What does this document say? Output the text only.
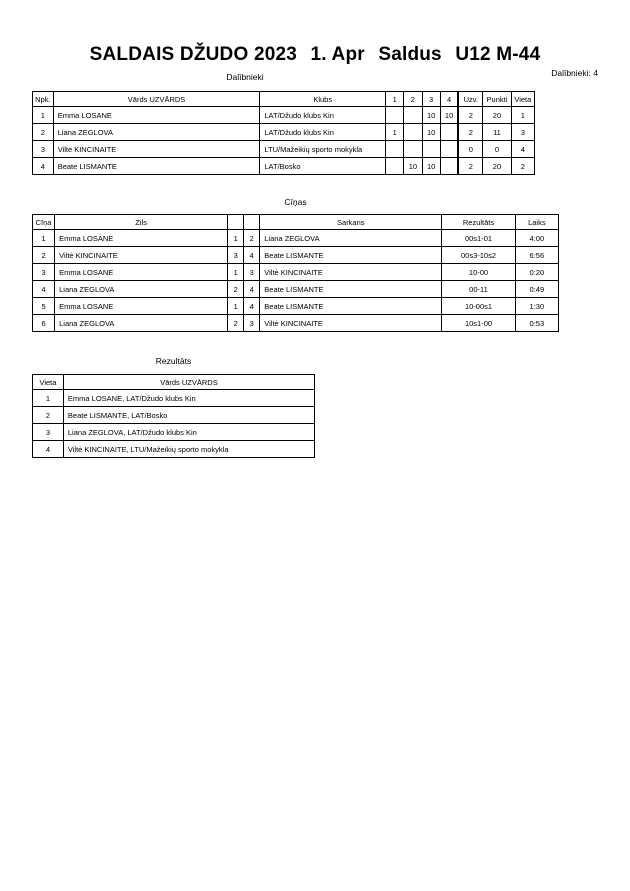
SALDAIS DŽUDO 2023 1. Apr Saldus U12 M-44
Dalībnieki: 4
Dalībnieki
Npk.	Vārds UZVĀRDS	Klubs	1	2	3	4	Uzv.	Punkti	Vieta
1	Emma LOSANE	LAT/Džudo klubs Kin			10	10	2	20	1
2	Liana ZEGLOVA	LAT/Džudo klubs Kin	1		10		2	11	3
3	Viltė KINCINAITE	LTU/Mažeikių sporto mokykla					0	0	4
4	Beate LISMANTE	LAT/Bosko		10	10		2	20	2
Cīņas
Cīņa	Zils			Sarkans	Rezultāts	Laiks
1	Emma LOSANE	1	2	Liana ZEGLOVA	00s1-01	4:00
2	Viltė KINCINAITE	3	4	Beate LISMANTE	00s3-10s2	6:56
3	Emma LOSANE	1	3	Viltė KINCINAITE	10-00	0:20
4	Liana ZEGLOVA	2	4	Beate LISMANTE	00-11	0:49
5	Emma LOSANE	1	4	Beate LISMANTE	10-00s1	1:30
6	Liana ZEGLOVA	2	3	Viltė KINCINAITE	10s1-00	0:53
Rezultāts
Vieta	Vārds UZVĀRDS
1	Emma LOSANE, LAT/Džudo klubs Kin
2	Beate LISMANTE, LAT/Bosko
3	Liana ZEGLOVA, LAT/Džudo klubs Kin
4	Viltė KINCINAITE, LTU/Mažeikių sporto mokykla
